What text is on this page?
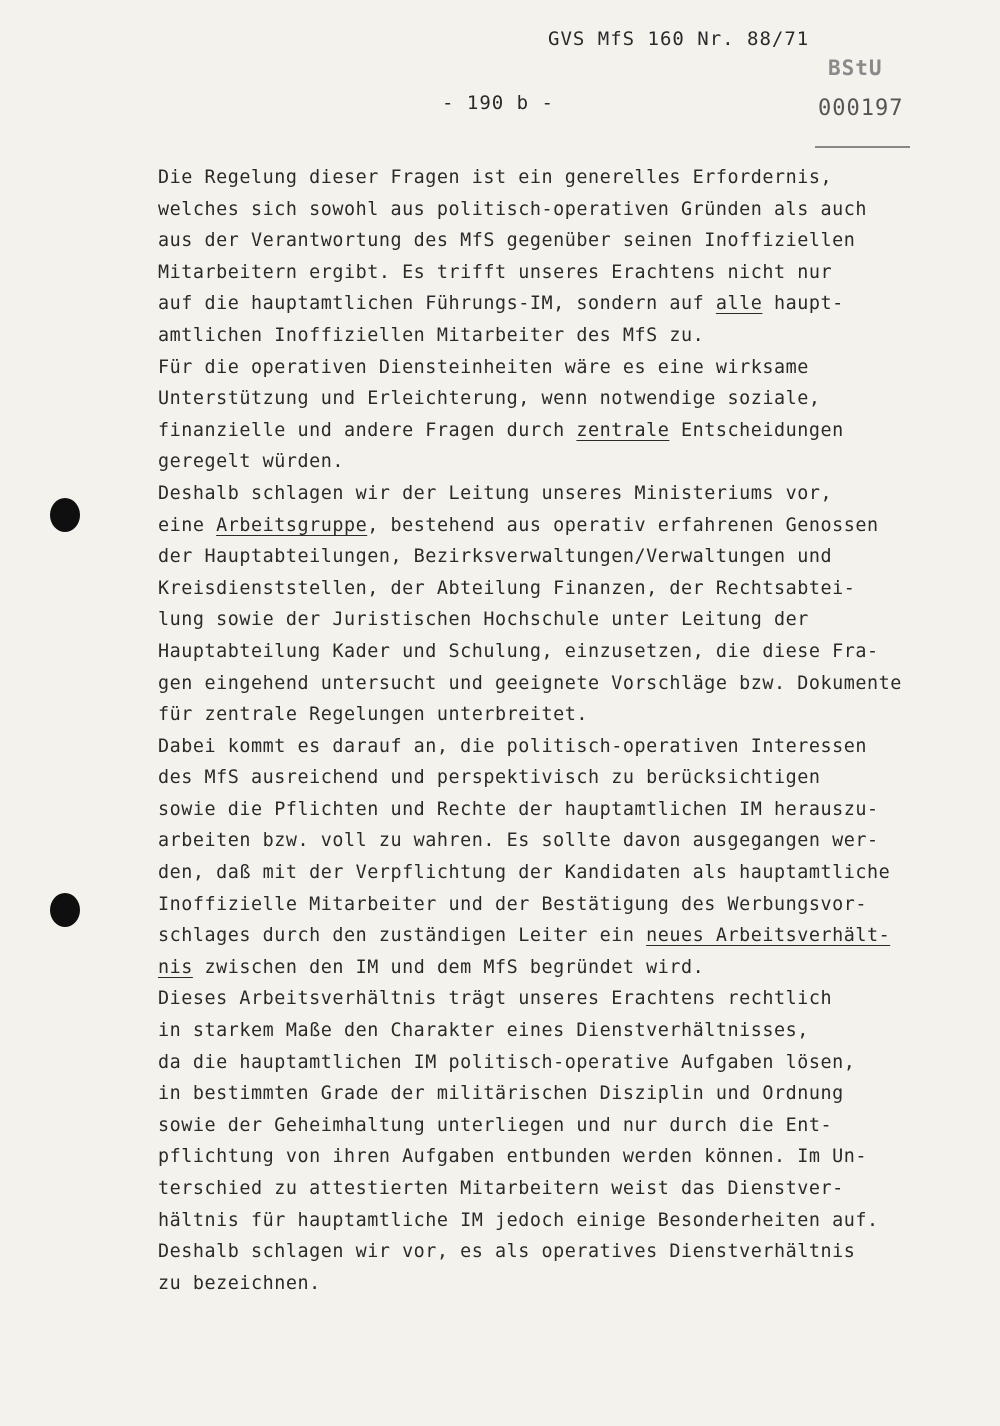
GVS MfS 160 Nr. 88/71
- 190 b -
BStU
000197
Die Regelung dieser Fragen ist ein generelles Erfordernis,
welches sich sowohl aus politisch-operativen Gründen als auch
aus der Verantwortung des MfS gegenüber seinen Inoffiziellen
Mitarbeitern ergibt. Es trifft unseres Erachtens nicht nur
auf die hauptamtlichen Führungs-IM, sondern auf alle haupt-
amtlichen Inoffiziellen Mitarbeiter des MfS zu.
Für die operativen Diensteinheiten wäre es eine wirksame
Unterstützung und Erleichterung, wenn notwendige soziale,
finanzielle und andere Fragen durch zentrale Entscheidungen
geregelt würden.
Deshalb schlagen wir der Leitung unseres Ministeriums vor,
eine Arbeitsgruppe, bestehend aus operativ erfahrenen Genossen
der Hauptabteilungen, Bezirksverwaltungen/Verwaltungen und
Kreisdienststellen, der Abteilung Finanzen, der Rechtsabtei-
lung sowie der Juristischen Hochschule unter Leitung der
Hauptabteilung Kader und Schulung, einzusetzen, die diese Fra-
gen eingehend untersucht und geeignete Vorschläge bzw. Dokumente
für zentrale Regelungen unterbreitet.
Dabei kommt es darauf an, die politisch-operativen Interessen
des MfS ausreichend und perspektivisch zu berücksichtigen
sowie die Pflichten und Rechte der hauptamtlichen IM herauszu-
arbeiten bzw. voll zu wahren. Es sollte davon ausgegangen wer-
den, daß mit der Verpflichtung der Kandidaten als hauptamtliche
Inoffizielle Mitarbeiter und der Bestätigung des Werbungsvor-
schlages durch den zuständigen Leiter ein neues Arbeitsverhält-
nis zwischen den IM und dem MfS begründet wird.
Dieses Arbeitsverhältnis trägt unseres Erachtens rechtlich
in starkem Maße den Charakter eines Dienstverhältnisses,
da die hauptamtlichen IM politisch-operative Aufgaben lösen,
in bestimmten Grade der militärischen Disziplin und Ordnung
sowie der Geheimhaltung unterliegen und nur durch die Ent-
pflichtung von ihren Aufgaben entbunden werden können. Im Un-
terschied zu attestierten Mitarbeitern weist das Dienstver-
hältnis für hauptamtliche IM jedoch einige Besonderheiten auf.
Deshalb schlagen wir vor, es als operatives Dienstverhältnis
zu bezeichnen.
